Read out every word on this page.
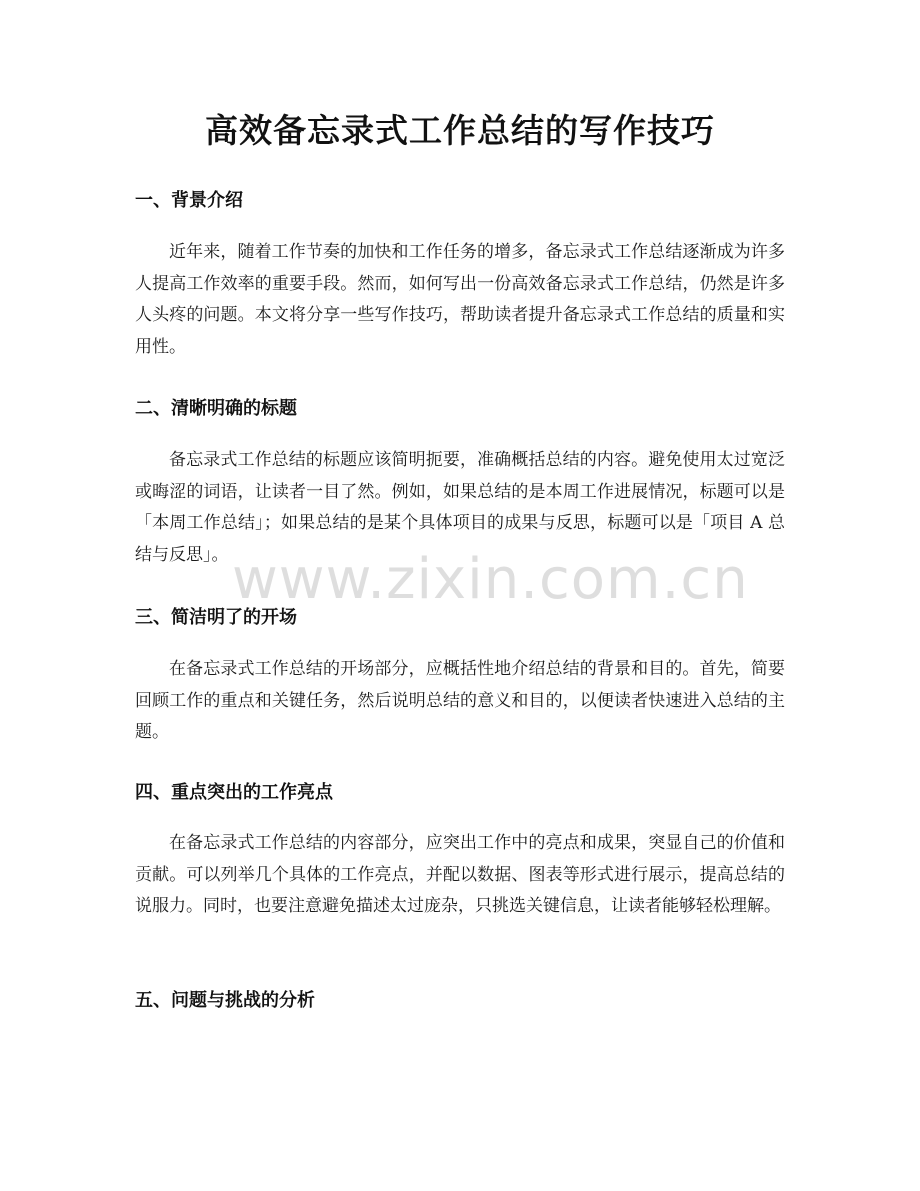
高效备忘录式工作总结的写作技巧
一、背景介绍
近年来，随着工作节奏的加快和工作任务的增多，备忘录式工作总结逐渐成为许多人提高工作效率的重要手段。然而，如何写出一份高效备忘录式工作总结，仍然是许多人头疼的问题。本文将分享一些写作技巧，帮助读者提升备忘录式工作总结的质量和实用性。
二、清晰明确的标题
备忘录式工作总结的标题应该简明扼要，准确概括总结的内容。避免使用太过宽泛或晦涩的词语，让读者一目了然。例如，如果总结的是本周工作进展情况，标题可以是「本周工作总结」；如果总结的是某个具体项目的成果与反思，标题可以是「项目 A 总结与反思」。
三、简洁明了的开场
在备忘录式工作总结的开场部分，应概括性地介绍总结的背景和目的。首先，简要回顾工作的重点和关键任务，然后说明总结的意义和目的，以便读者快速进入总结的主题。
四、重点突出的工作亮点
在备忘录式工作总结的内容部分，应突出工作中的亮点和成果，突显自己的价值和贡献。可以列举几个具体的工作亮点，并配以数据、图表等形式进行展示，提高总结的说服力。同时，也要注意避免描述太过庞杂，只挑选关键信息，让读者能够轻松理解。
五、问题与挑战的分析
www.zixin.com.cn
